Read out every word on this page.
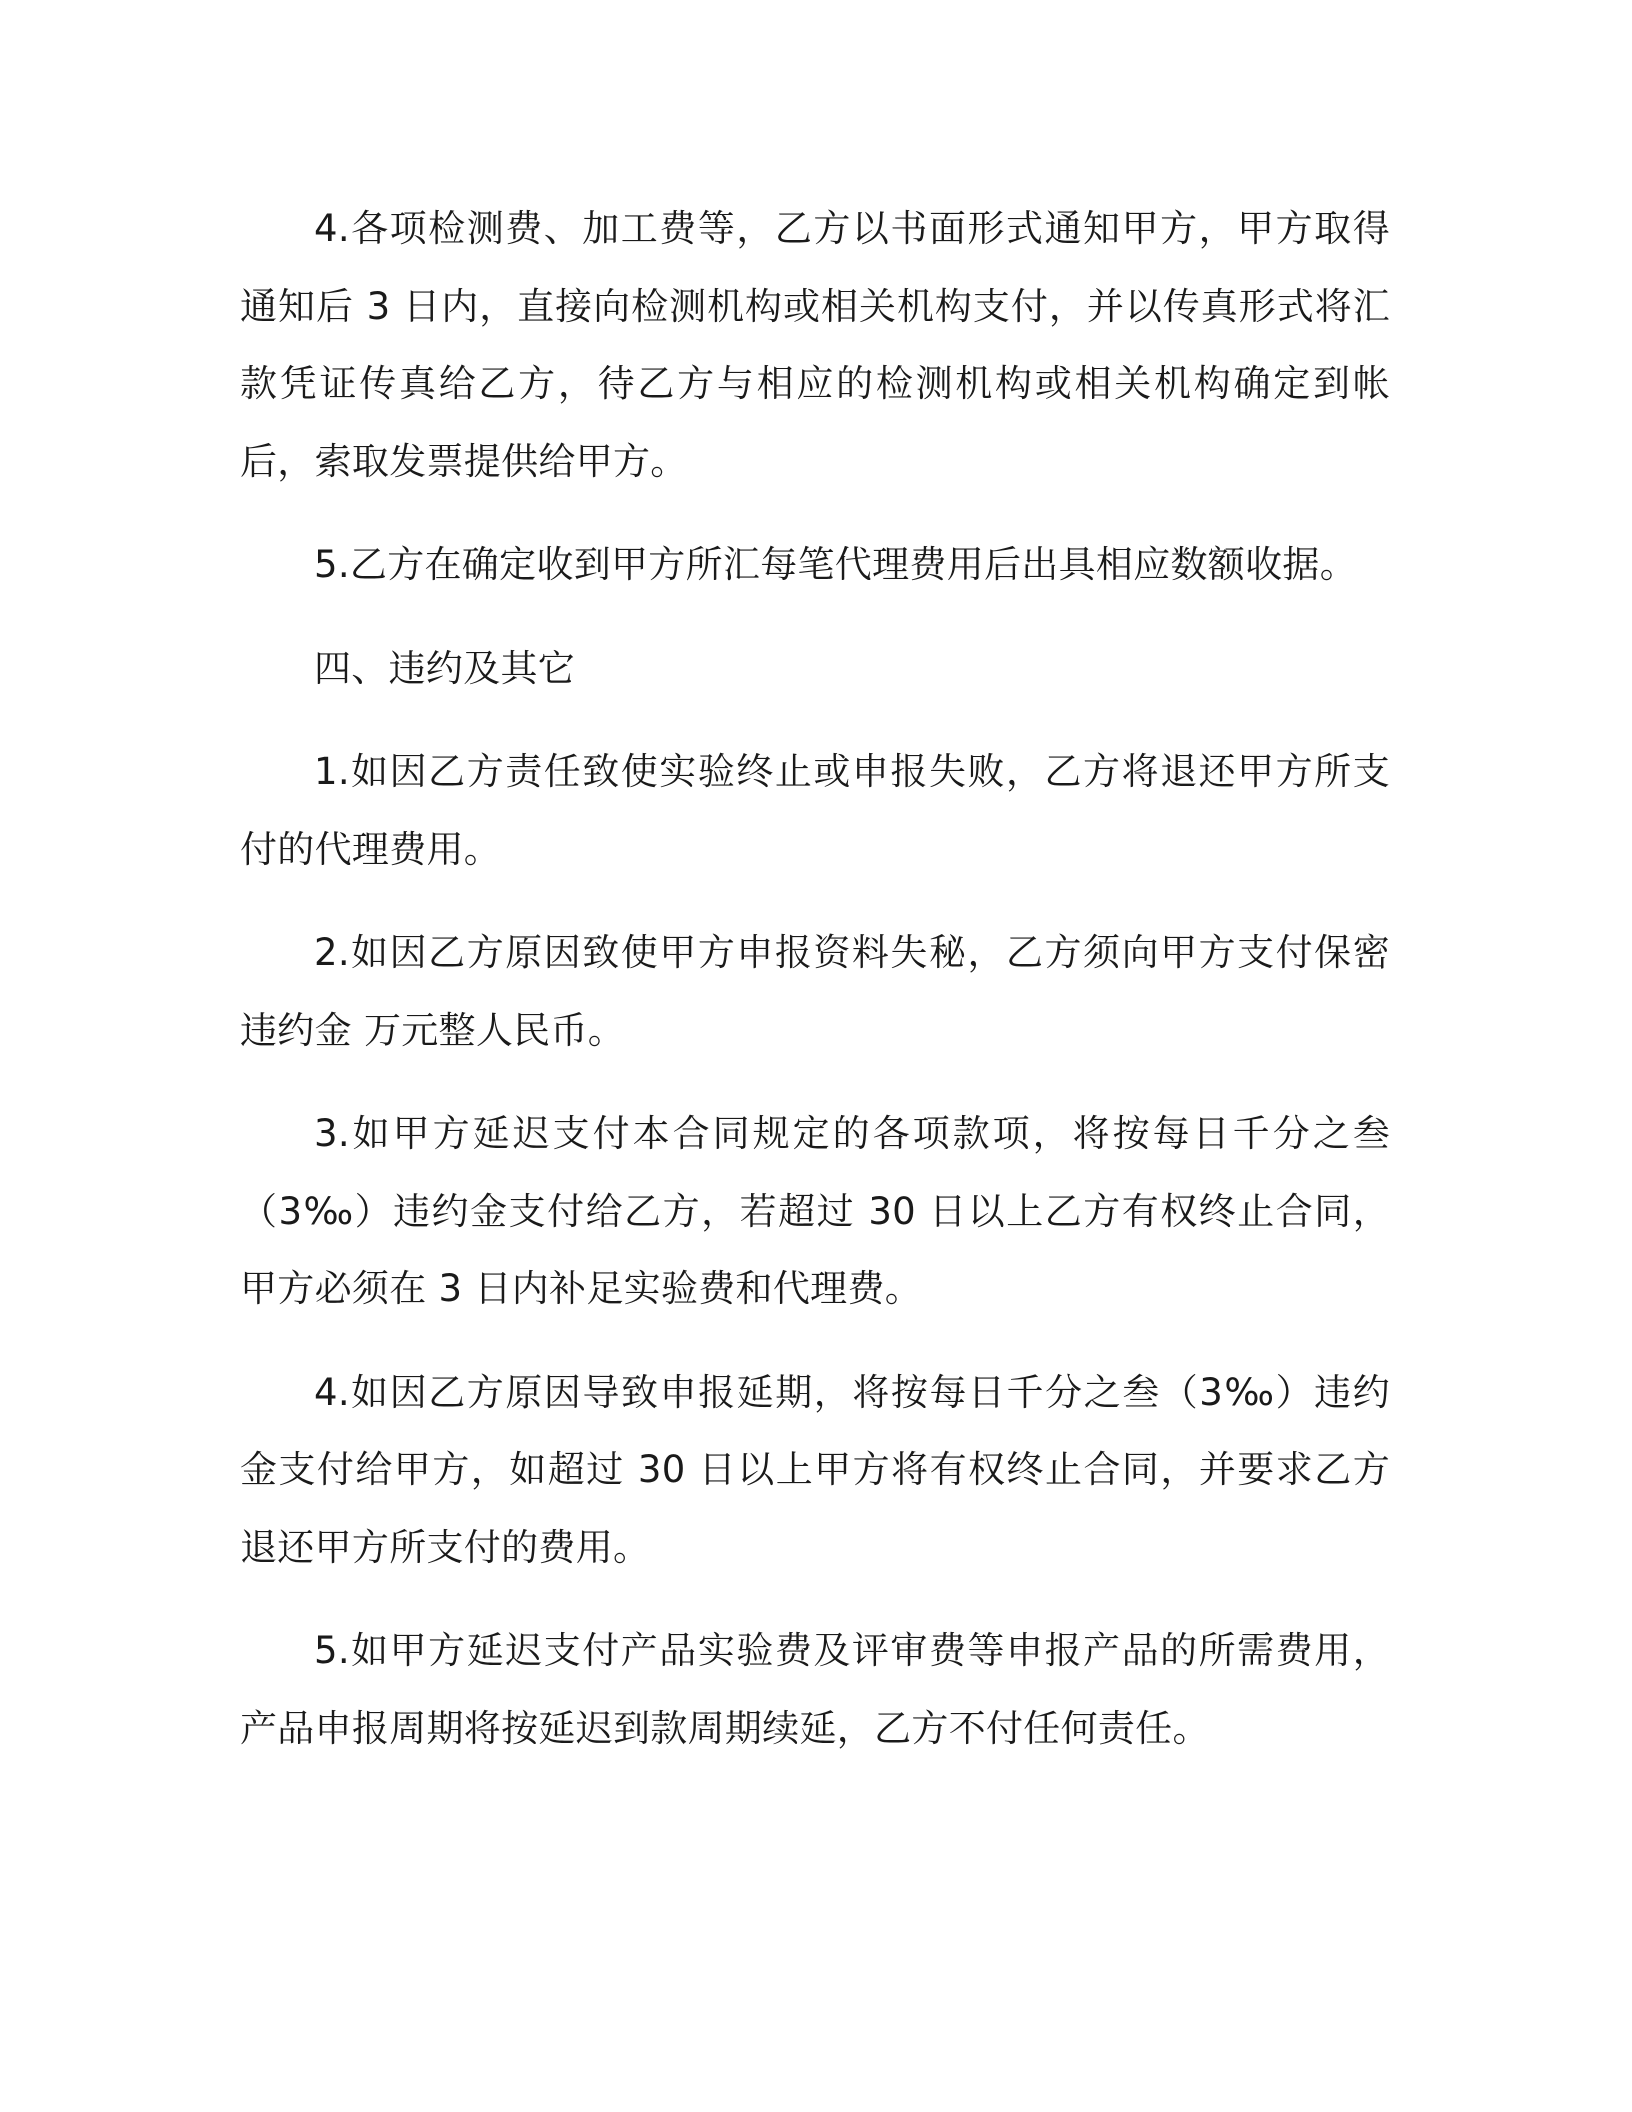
4.各项检测费、加工费等，乙方以书面形式通知甲方，甲方取得通知后 3 日内，直接向检测机构或相关机构支付，并以传真形式将汇款凭证传真给乙方，待乙方与相应的检测机构或相关机构确定到帐后，索取发票提供给甲方。

5.乙方在确定收到甲方所汇每笔代理费用后出具相应数额收据。

四、违约及其它

1.如因乙方责任致使实验终止或申报失败，乙方将退还甲方所支付的代理费用。

2.如因乙方原因致使甲方申报资料失秘，乙方须向甲方支付保密违约金 万元整人民币。

3.如甲方延迟支付本合同规定的各项款项，将按每日千分之叁（3‰）违约金支付给乙方，若超过 30 日以上乙方有权终止合同，甲方必须在 3 日内补足实验费和代理费。

4.如因乙方原因导致申报延期，将按每日千分之叁（3‰）违约金支付给甲方，如超过 30 日以上甲方将有权终止合同，并要求乙方退还甲方所支付的费用。

5.如甲方延迟支付产品实验费及评审费等申报产品的所需费用，产品申报周期将按延迟到款周期续延，乙方不付任何责任。
